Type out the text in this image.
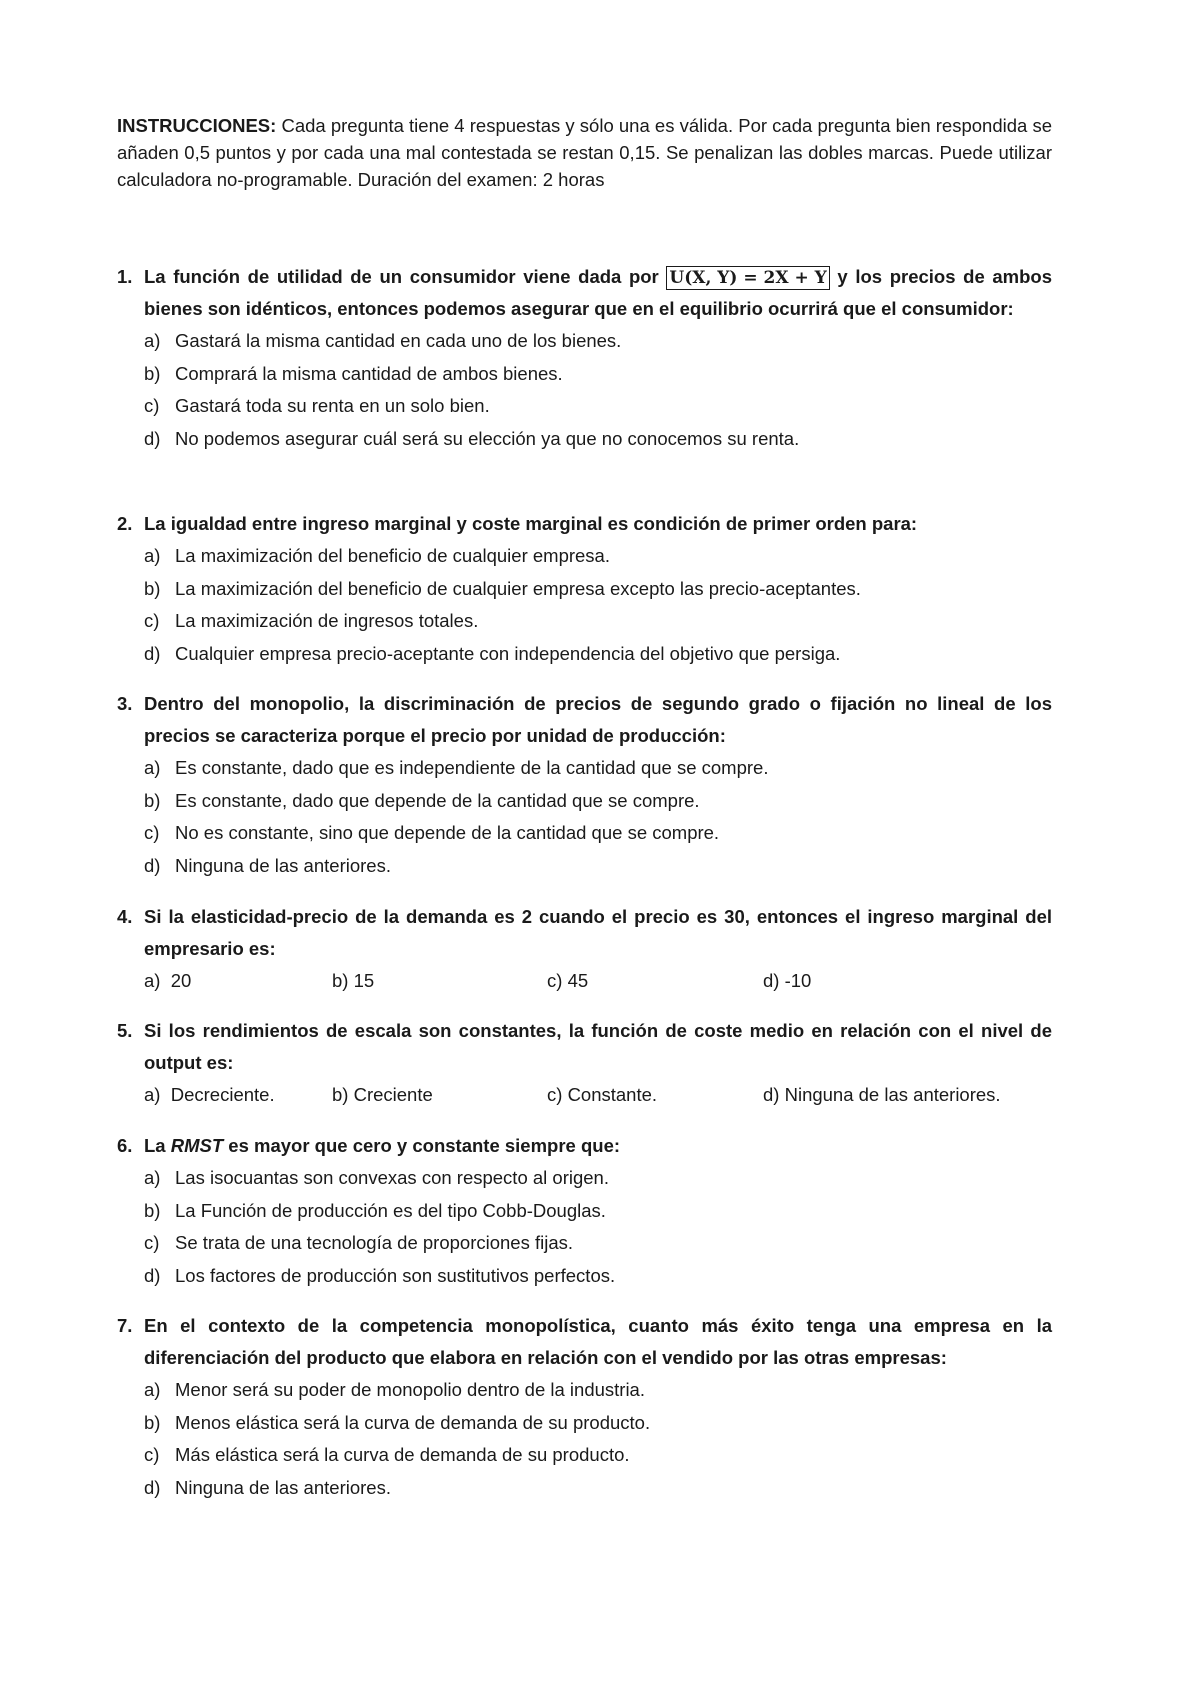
INSTRUCCIONES: Cada pregunta tiene 4 respuestas y sólo una es válida. Por cada pregunta bien respondida se añaden 0,5 puntos y por cada una mal contestada se restan 0,15. Se penalizan las dobles marcas. Puede utilizar calculadora no-programable. Duración del examen: 2 horas
1. La función de utilidad de un consumidor viene dada por U(X, Y) = 2X + Y y los precios de ambos bienes son idénticos, entonces podemos asegurar que en el equilibrio ocurrirá que el consumidor:
a) Gastará la misma cantidad en cada uno de los bienes.
b) Comprará la misma cantidad de ambos bienes.
c) Gastará toda su renta en un solo bien.
d) No podemos asegurar cuál será su elección ya que no conocemos su renta.
2. La igualdad entre ingreso marginal y coste marginal es condición de primer orden para:
a) La maximización del beneficio de cualquier empresa.
b) La maximización del beneficio de cualquier empresa excepto las precio-aceptantes.
c) La maximización de ingresos totales.
d) Cualquier empresa precio-aceptante con independencia del objetivo que persiga.
3. Dentro del monopolio, la discriminación de precios de segundo grado o fijación no lineal de los precios se caracteriza porque el precio por unidad de producción:
a) Es constante, dado que es independiente de la cantidad que se compre.
b) Es constante, dado que depende de la cantidad que se compre.
c) No es constante, sino que depende de la cantidad que se compre.
d) Ninguna de las anteriores.
4. Si la elasticidad-precio de la demanda es 2 cuando el precio es 30, entonces el ingreso marginal del empresario es:
a) 20	b) 15	c) 45	d) -10
5. Si los rendimientos de escala son constantes, la función de coste medio en relación con el nivel de output es:
a) Decreciente.	b) Creciente	c) Constante.	d) Ninguna de las anteriores.
6. La RMST es mayor que cero y constante siempre que:
a) Las isocuantas son convexas con respecto al origen.
b) La Función de producción es del tipo Cobb-Douglas.
c) Se trata de una tecnología de proporciones fijas.
d) Los factores de producción son sustitutivos perfectos.
7. En el contexto de la competencia monopolística, cuanto más éxito tenga una empresa en la diferenciación del producto que elabora en relación con el vendido por las otras empresas:
a) Menor será su poder de monopolio dentro de la industria.
b) Menos elástica será la curva de demanda de su producto.
c) Más elástica será la curva de demanda de su producto.
d) Ninguna de las anteriores.
